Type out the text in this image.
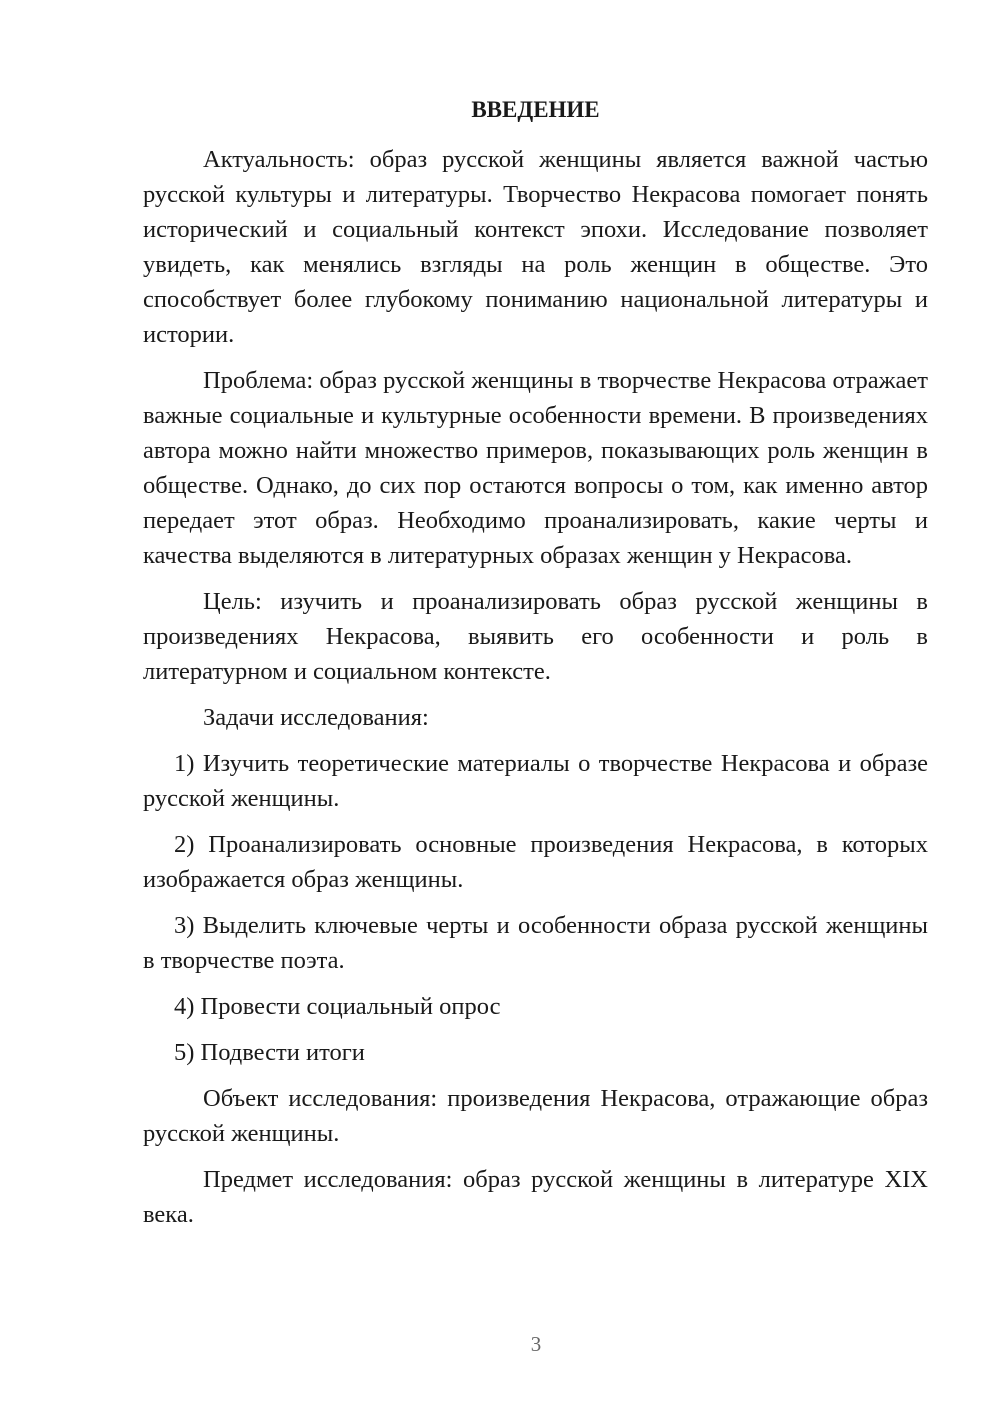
ВВЕДЕНИЕ

Актуальность: образ русской женщины является важной частью русской культуры и литературы. Творчество Некрасова помогает понять исторический и социальный контекст эпохи. Исследование позволяет увидеть, как менялись взгляды на роль женщин в обществе. Это способствует более глубокому пониманию национальной литературы и истории.

Проблема: образ русской женщины в творчестве Некрасова отражает важные социальные и культурные особенности времени. В произведениях автора можно найти множество примеров, показывающих роль женщин в обществе. Однако, до сих пор остаются вопросы о том, как именно автор передает этот образ. Необходимо проанализировать, какие черты и качества выделяются в литературных образах женщин у Некрасова.

Цель: изучить и проанализировать образ русской женщины в произведениях Некрасова, выявить его особенности и роль в литературном и социальном контексте.

Задачи исследования:

1) Изучить теоретические материалы о творчестве Некрасова и образе русской женщины.

2) Проанализировать основные произведения Некрасова, в которых изображается образ женщины.

3) Выделить ключевые черты и особенности образа русской женщины в творчестве поэта.

4) Провести социальный опрос

5) Подвести итоги

Объект исследования: произведения Некрасова, отражающие образ русской женщины.

Предмет исследования: образ русской женщины в литературе XIX века.

3
